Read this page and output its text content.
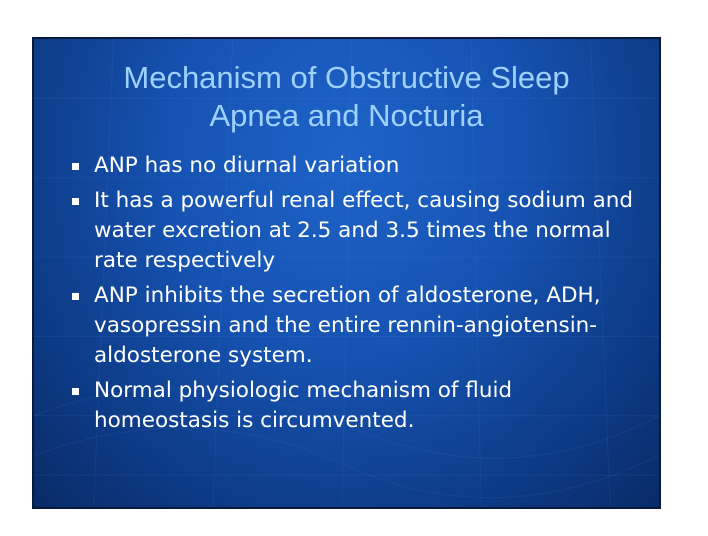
Mechanism of Obstructive Sleep
Apnea and Nocturia
ANP has no diurnal variation
It has a powerful renal effect, causing sodium and water excretion at 2.5 and 3.5 times the normal rate respectively
ANP inhibits the secretion of aldosterone, ADH, vasopressin and the entire rennin-angiotensin-aldosterone system.
Normal physiologic mechanism of fluid homeostasis is circumvented.
